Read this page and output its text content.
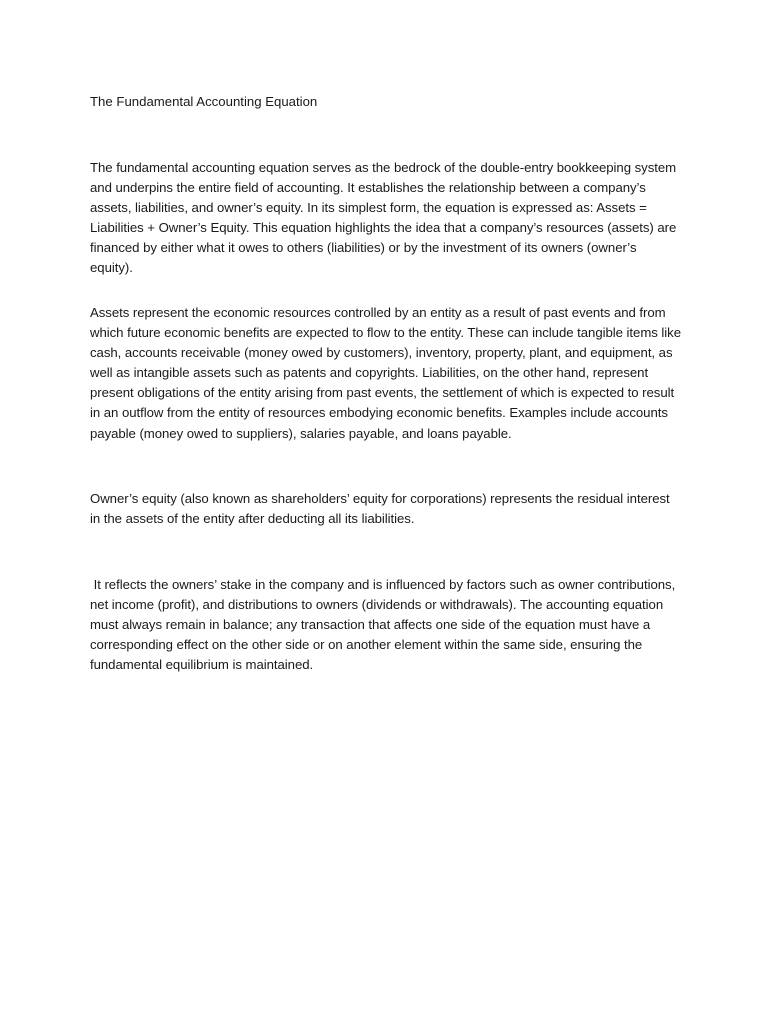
The Fundamental Accounting Equation

The fundamental accounting equation serves as the bedrock of the double-entry bookkeeping system and underpins the entire field of accounting. It establishes the relationship between a company’s assets, liabilities, and owner’s equity. In its simplest form, the equation is expressed as: Assets = Liabilities + Owner’s Equity. This equation highlights the idea that a company’s resources (assets) are financed by either what it owes to others (liabilities) or by the investment of its owners (owner’s equity).

Assets represent the economic resources controlled by an entity as a result of past events and from which future economic benefits are expected to flow to the entity. These can include tangible items like cash, accounts receivable (money owed by customers), inventory, property, plant, and equipment, as well as intangible assets such as patents and copyrights. Liabilities, on the other hand, represent present obligations of the entity arising from past events, the settlement of which is expected to result in an outflow from the entity of resources embodying economic benefits. Examples include accounts payable (money owed to suppliers), salaries payable, and loans payable.

Owner’s equity (also known as shareholders’ equity for corporations) represents the residual interest in the assets of the entity after deducting all its liabilities.

It reflects the owners’ stake in the company and is influenced by factors such as owner contributions, net income (profit), and distributions to owners (dividends or withdrawals). The accounting equation must always remain in balance; any transaction that affects one side of the equation must have a corresponding effect on the other side or on another element within the same side, ensuring the fundamental equilibrium is maintained.
